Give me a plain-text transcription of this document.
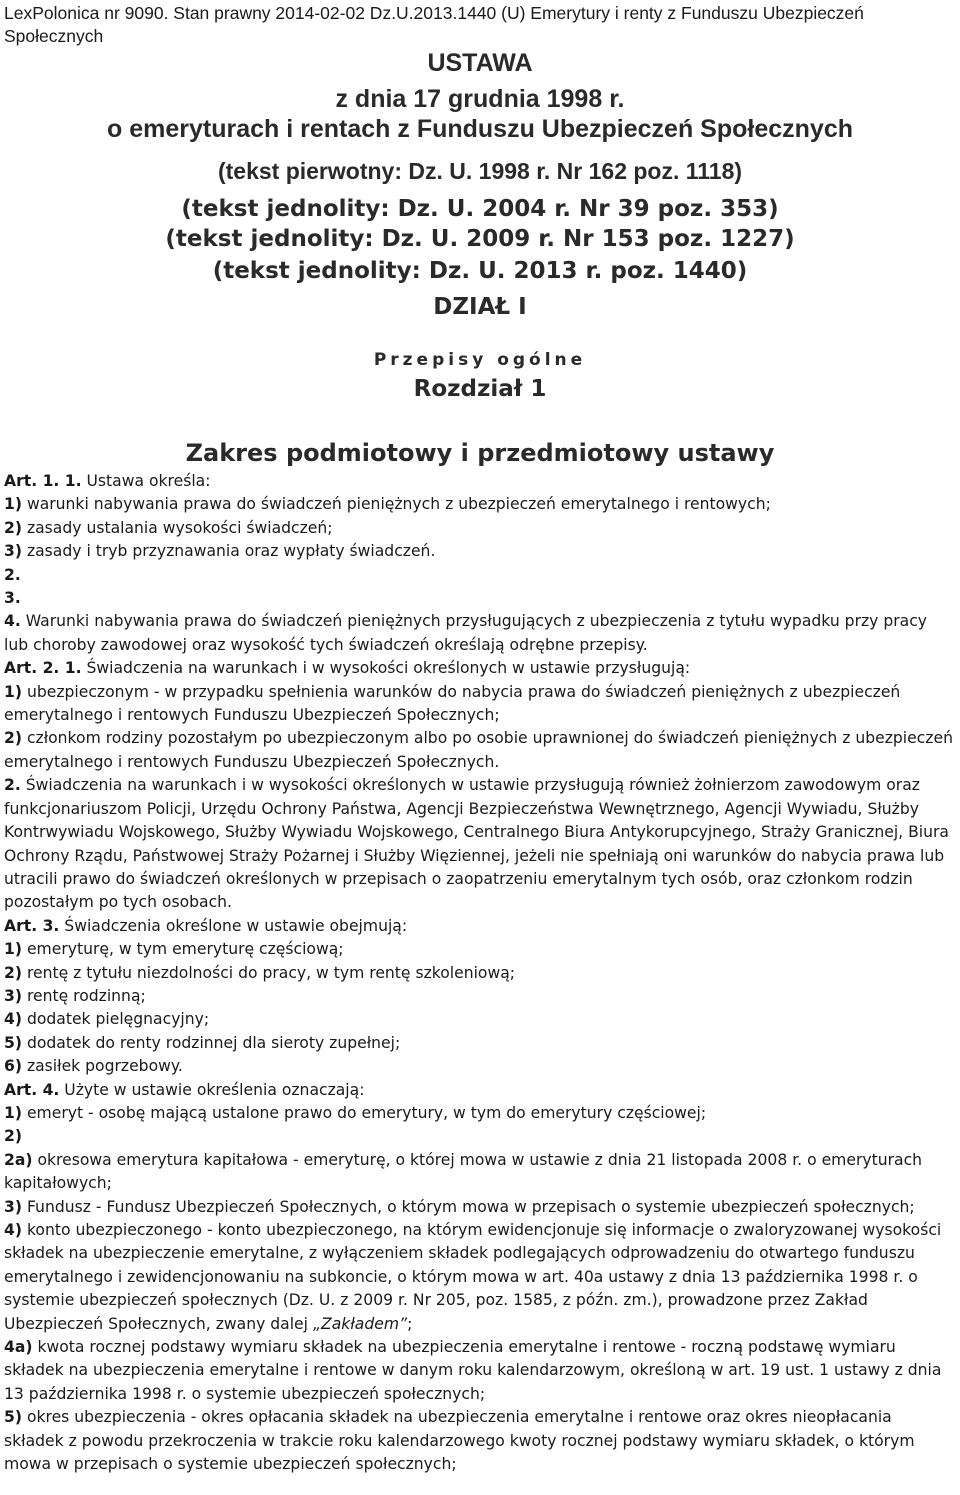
LexPolonica nr 9090. Stan prawny 2014-02-02 Dz.U.2013.1440 (U) Emerytury i renty z Funduszu Ubezpieczeń Społecznych
USTAWA
z dnia 17 grudnia 1998 r.
o emeryturach i rentach z Funduszu Ubezpieczeń Społecznych
(tekst pierwotny: Dz. U. 1998 r. Nr 162 poz. 1118)
(tekst jednolity: Dz. U. 2004 r. Nr 39 poz. 353)
(tekst jednolity: Dz. U. 2009 r. Nr 153 poz. 1227)
(tekst jednolity: Dz. U. 2013 r. poz. 1440)
DZIAŁ I
Przepisy ogólne
Rozdział 1
Zakres podmiotowy i przedmiotowy ustawy

Art. 1. 1. Ustawa określa:

1) warunki nabywania prawa do świadczeń pieniężnych z ubezpieczeń emerytalnego i rentowych;

2) zasady ustalania wysokości świadczeń;

3) zasady i tryb przyznawania oraz wypłaty świadczeń.

2.

3.

4. Warunki nabywania prawa do świadczeń pieniężnych przysługujących z ubezpieczenia z tytułu wypadku przy pracy lub choroby zawodowej oraz wysokość tych świadczeń określają odrębne przepisy.

Art. 2. 1. Świadczenia na warunkach i w wysokości określonych w ustawie przysługują:

1) ubezpieczonym - w przypadku spełnienia warunków do nabycia prawa do świadczeń pieniężnych z ubezpieczeń emerytalnego i rentowych Funduszu Ubezpieczeń Społecznych;

2) członkom rodziny pozostałym po ubezpieczonym albo po osobie uprawnionej do świadczeń pieniężnych z ubezpieczeń emerytalnego i rentowych Funduszu Ubezpieczeń Społecznych.

2. Świadczenia na warunkach i w wysokości określonych w ustawie przysługują również żołnierzom zawodowym oraz funkcjonariuszom Policji, Urzędu Ochrony Państwa, Agencji Bezpieczeństwa Wewnętrznego, Agencji Wywiadu, Służby Kontrwywiadu Wojskowego, Służby Wywiadu Wojskowego, Centralnego Biura Antykorupcyjnego, Straży Granicznej, Biura Ochrony Rządu, Państwowej Straży Pożarnej i Służby Więziennej, jeżeli nie spełniają oni warunków do nabycia prawa lub utracili prawo do świadczeń określonych w przepisach o zaopatrzeniu emerytalnym tych osób, oraz członkom rodzin pozostałym po tych osobach.

Art. 3. Świadczenia określone w ustawie obejmują:

1) emeryturę, w tym emeryturę częściową;

2) rentę z tytułu niezdolności do pracy, w tym rentę szkoleniową;

3) rentę rodzinną;

4) dodatek pielęgnacyjny;

5) dodatek do renty rodzinnej dla sieroty zupełnej;

6) zasiłek pogrzebowy.

Art. 4. Użyte w ustawie określenia oznaczają:

1) emeryt - osobę mającą ustalone prawo do emerytury, w tym do emerytury częściowej;

2)

2a) okresowa emerytura kapitałowa - emeryturę, o której mowa w ustawie z dnia 21 listopada 2008 r. o emeryturach kapitałowych;

3) Fundusz - Fundusz Ubezpieczeń Społecznych, o którym mowa w przepisach o systemie ubezpieczeń społecznych;

4) konto ubezpieczonego - konto ubezpieczonego, na którym ewidencjonuje się informacje o zwaloryzowanej wysokości składek na ubezpieczenie emerytalne, z wyłączeniem składek podlegających odprowadzeniu do otwartego funduszu emerytalnego i zewidencjonowaniu na subkoncie, o którym mowa w art. 40a ustawy z dnia 13 października 1998 r. o systemie ubezpieczeń społecznych (Dz. U. z 2009 r. Nr 205, poz. 1585, z późn. zm.), prowadzone przez Zakład Ubezpieczeń Społecznych, zwany dalej „Zakładem”;

4a) kwota rocznej podstawy wymiaru składek na ubezpieczenia emerytalne i rentowe - roczną podstawę wymiaru składek na ubezpieczenia emerytalne i rentowe w danym roku kalendarzowym, określoną w art. 19 ust. 1 ustawy z dnia 13 października 1998 r. o systemie ubezpieczeń społecznych;

5) okres ubezpieczenia - okres opłacania składek na ubezpieczenia emerytalne i rentowe oraz okres nieopłacania składek z powodu przekroczenia w trakcie roku kalendarzowego kwoty rocznej podstawy wymiaru składek, o którym mowa w przepisach o systemie ubezpieczeń społecznych;
